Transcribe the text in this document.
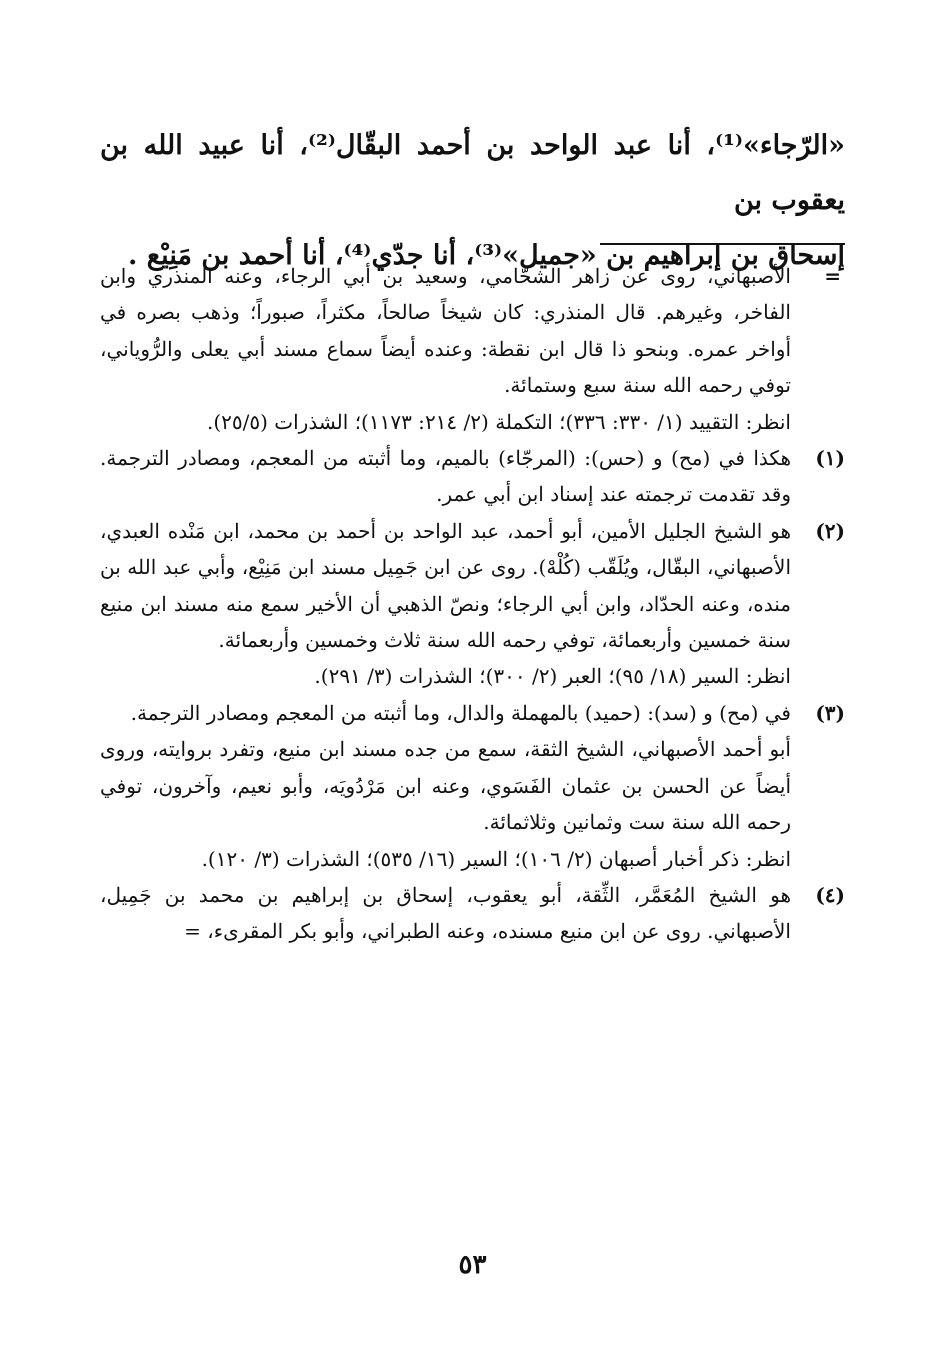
«الرّجاء»⁽¹⁾، أنا عبد الواحد بن أحمد البقّال⁽²⁾، أنا عبيد الله بن يعقوب بن

إسحاق بن إبراهيم بن «جميل»⁽³⁾، أنا جدّي⁽⁴⁾، أنا أحمد بن مَنِيْع .

=

الأصبهاني، روى عن زاهر الشحّامي، وسعيد بن أبي الرجاء، وعنه المنذري وابن الفاخر، وغيرهم. قال المنذري: كان شيخاً صالحاً، مكثراً، صبوراً؛ وذهب بصره في أواخر عمره. وبنحو ذا قال ابن نقطة: وعنده أيضاً سماع مسند أبي يعلى والرُّوياني، توفي رحمه الله سنة سبع وستمائة.

انظر: التقييد (١/ ٣٣٠: ٣٣٦)؛ التكملة (٢/ ٢١٤: ١١٧٣)؛ الشذرات (٢٥/٥).

(١)

هكذا في (مح) و (حس): (المرجّاء) بالميم، وما أثبته من المعجم، ومصادر الترجمة. وقد تقدمت ترجمته عند إسناد ابن أبي عمر.

(٢)

هو الشيخ الجليل الأمين، أبو أحمد، عبد الواحد بن أحمد بن محمد، ابن مَنْده العبدي، الأصبهاني، البقّال، ويُلَقّب (كُلْهْ). روى عن ابن جَمِيل مسند ابن مَنِيْع، وأبي عبد الله بن منده، وعنه الحدّاد، وابن أبي الرجاء؛ ونصّ الذهبي أن الأخير سمع منه مسند ابن منيع سنة خمسين وأربعمائة، توفي رحمه الله سنة ثلاث وخمسين وأربعمائة.

انظر: السير (١٨/ ٩٥)؛ العبر (٢/ ٣٠٠)؛ الشذرات (٣/ ٢٩١).

(٣)

في (مح) و (سد): (حميد) بالمهملة والدال، وما أثبته من المعجم ومصادر الترجمة.

أبو أحمد الأصبهاني، الشيخ الثقة، سمع من جده مسند ابن منيع، وتفرد بروايته، وروى أيضاً عن الحسن بن عثمان الفَسَوي، وعنه ابن مَرْدُويَه، وأبو نعيم، وآخرون، توفي رحمه الله سنة ست وثمانين وثلاثمائة.

انظر: ذكر أخبار أصبهان (٢/ ١٠٦)؛ السير (١٦/ ٥٣٥)؛ الشذرات (٣/ ١٢٠).

(٤)

هو الشيخ المُعَمَّر، الثِّقة، أبو يعقوب، إسحاق بن إبراهيم بن محمد بن جَمِيل، الأصبهاني. روى عن ابن منيع مسنده، وعنه الطبراني، وأبو بكر المقرىء، =

٥٣
